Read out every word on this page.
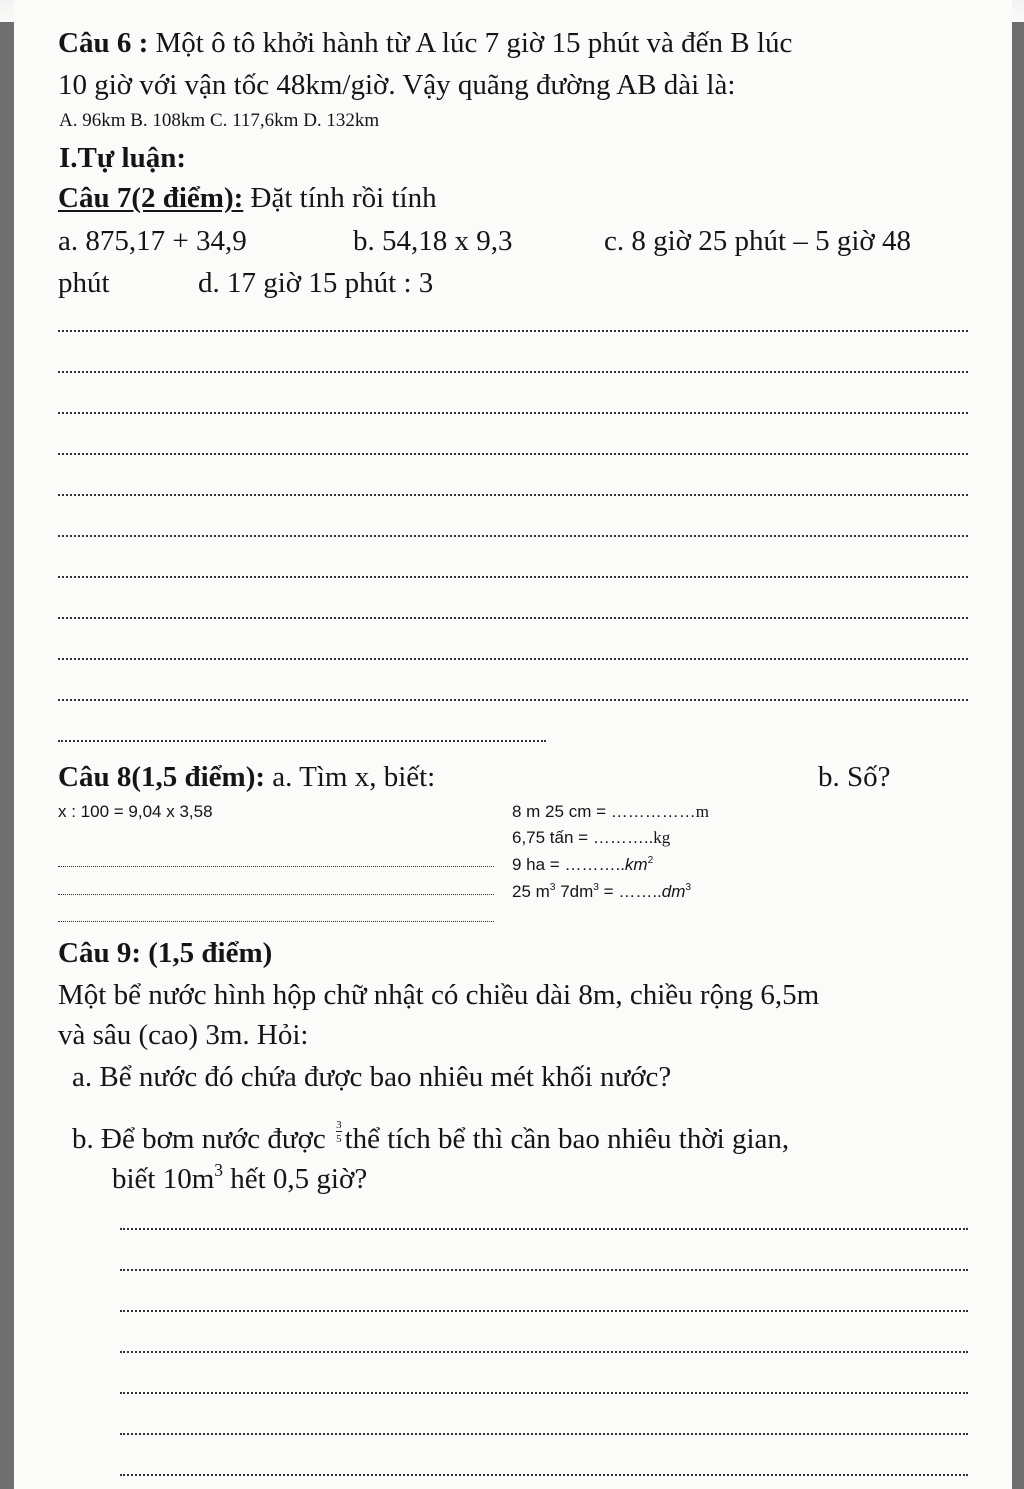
Câu 6 : Một ô tô khởi hành từ A lúc 7 giờ 15 phút và đến B lúc
10 giờ với vận tốc 48km/giờ. Vậy quãng đường AB dài là:
A. 96km B. 108km C. 117,6km D. 132km
I.Tự luận:
Câu 7(2 điểm): Đặt tính rồi tính
a. 875,17 + 34,9	b. 54,18 x 9,3	c. 8 giờ 25 phút – 5 giờ 48
phút	d. 17 giờ 15 phút : 3
Câu 8(1,5 điểm): a. Tìm x, biết:	b. Số?
x : 100 = 9,04 x 3,58	8 m 25 cm = ……………m
6,75 tấn = ………..kg
9 ha = $\dots\dots\dots..km^2$
25 $m^3$ $7dm^3$ = $\dots\dots..dm^3$
Câu 9: (1,5 điểm)
Một bể nước hình hộp chữ nhật có chiều dài 8m, chiều rộng 6,5m
và sâu (cao) 3m. Hỏi:
a. Bể nước đó chứa được bao nhiêu mét khối nước?
b. Để bơm nước được $\frac{3}{5}$ thể tích bể thì cần bao nhiêu thời gian,
biết $10m^3$ hết 0,5 giờ?
